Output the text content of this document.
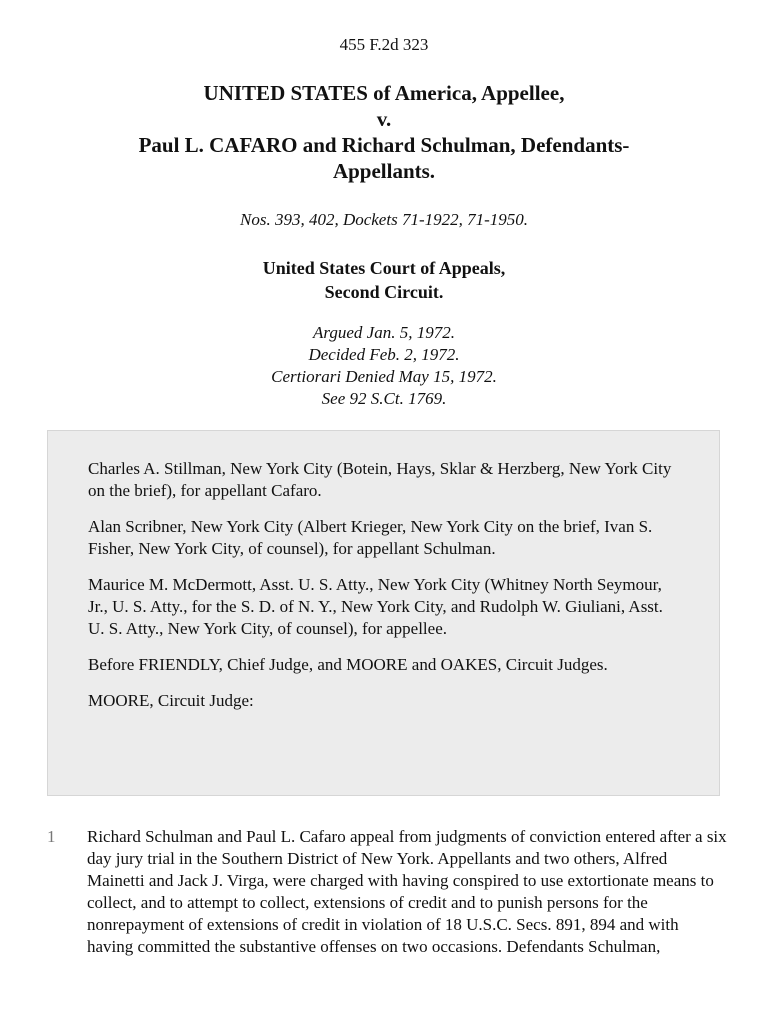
455 F.2d 323
UNITED STATES of America, Appellee,
v.
Paul L. CAFARO and Richard Schulman, Defendants-
Appellants.
Nos. 393, 402, Dockets 71-1922, 71-1950.
United States Court of Appeals,
Second Circuit.
Argued Jan. 5, 1972.
Decided Feb. 2, 1972.
Certiorari Denied May 15, 1972.
See 92 S.Ct. 1769.

Charles A. Stillman, New York City (Botein, Hays, Sklar & Herzberg, New York City on the brief), for appellant Cafaro.

Alan Scribner, New York City (Albert Krieger, New York City on the brief, Ivan S. Fisher, New York City, of counsel), for appellant Schulman.

Maurice M. McDermott, Asst. U. S. Atty., New York City (Whitney North Seymour, Jr., U. S. Atty., for the S. D. of N. Y., New York City, and Rudolph W. Giuliani, Asst. U. S. Atty., New York City, of counsel), for appellee.

Before FRIENDLY, Chief Judge, and MOORE and OAKES, Circuit Judges.

MOORE, Circuit Judge:

1 Richard Schulman and Paul L. Cafaro appeal from judgments of conviction entered after a six day jury trial in the Southern District of New York. Appellants and two others, Alfred Mainetti and Jack J. Virga, were charged with having conspired to use extortionate means to collect, and to attempt to collect, extensions of credit and to punish persons for the nonrepayment of extensions of credit in violation of 18 U.S.C. Secs. 891, 894 and with having committed the substantive offenses on two occasions. Defendants Schulman,
